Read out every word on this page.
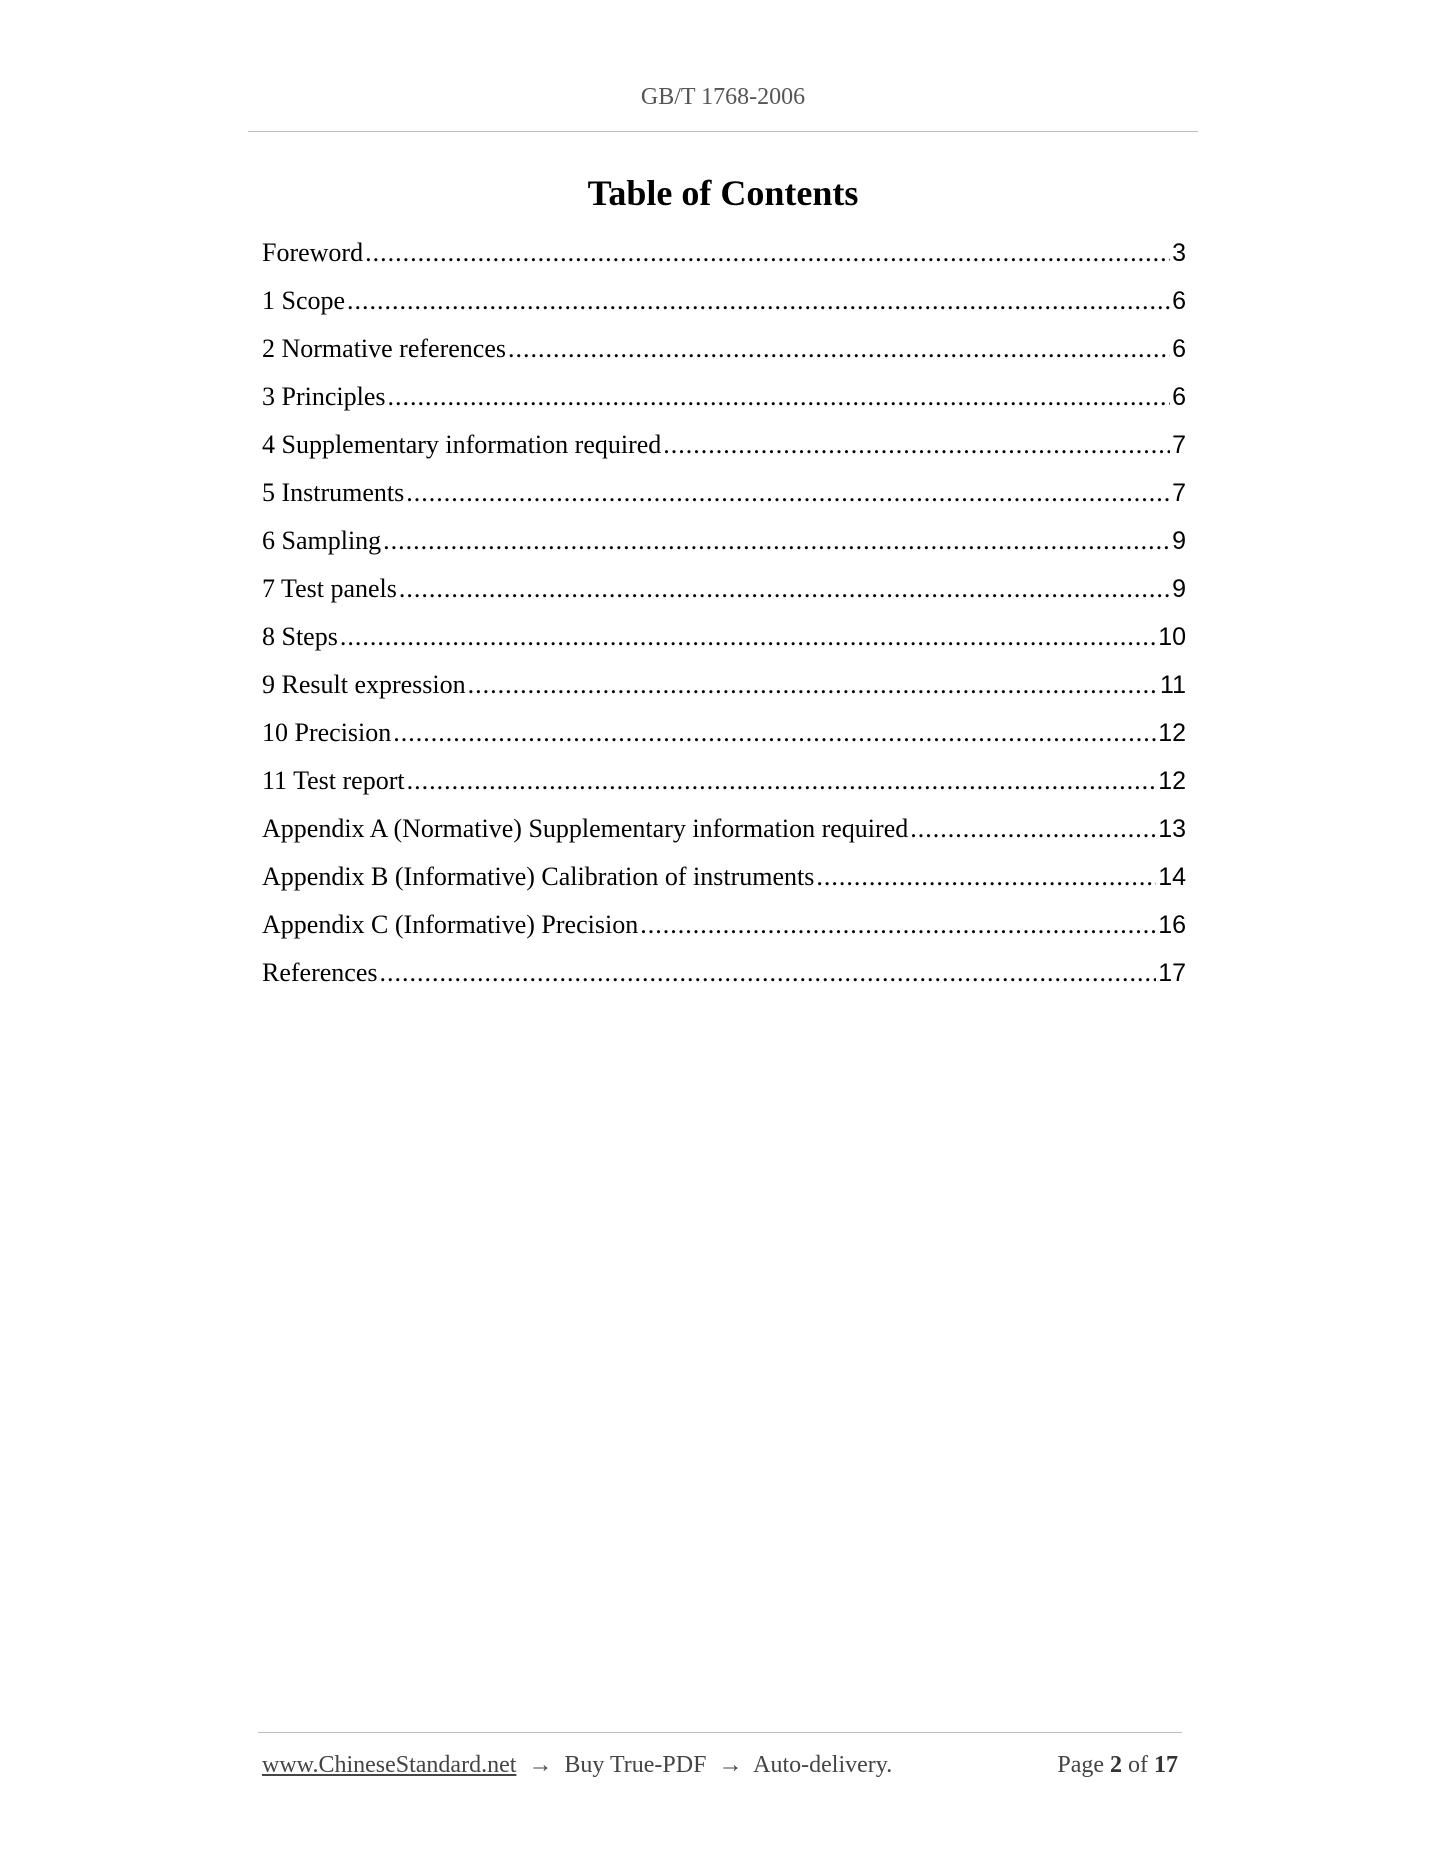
GB/T 1768-2006
Table of Contents
Foreword .....	3
1 Scope .....	6
2 Normative references .....	6
3 Principles .....	6
4 Supplementary information required .....	7
5 Instruments .....	7
6 Sampling .....	9
7 Test panels .....	9
8 Steps .....	10
9 Result expression .....	11
10 Precision .....	12
11 Test report .....	12
Appendix A (Normative) Supplementary information required .....	13
Appendix B (Informative) Calibration of instruments .....	14
Appendix C (Informative) Precision .....	16
References .....	17
www.ChineseStandard.net → Buy True-PDF → Auto-delivery.	Page 2 of 17
